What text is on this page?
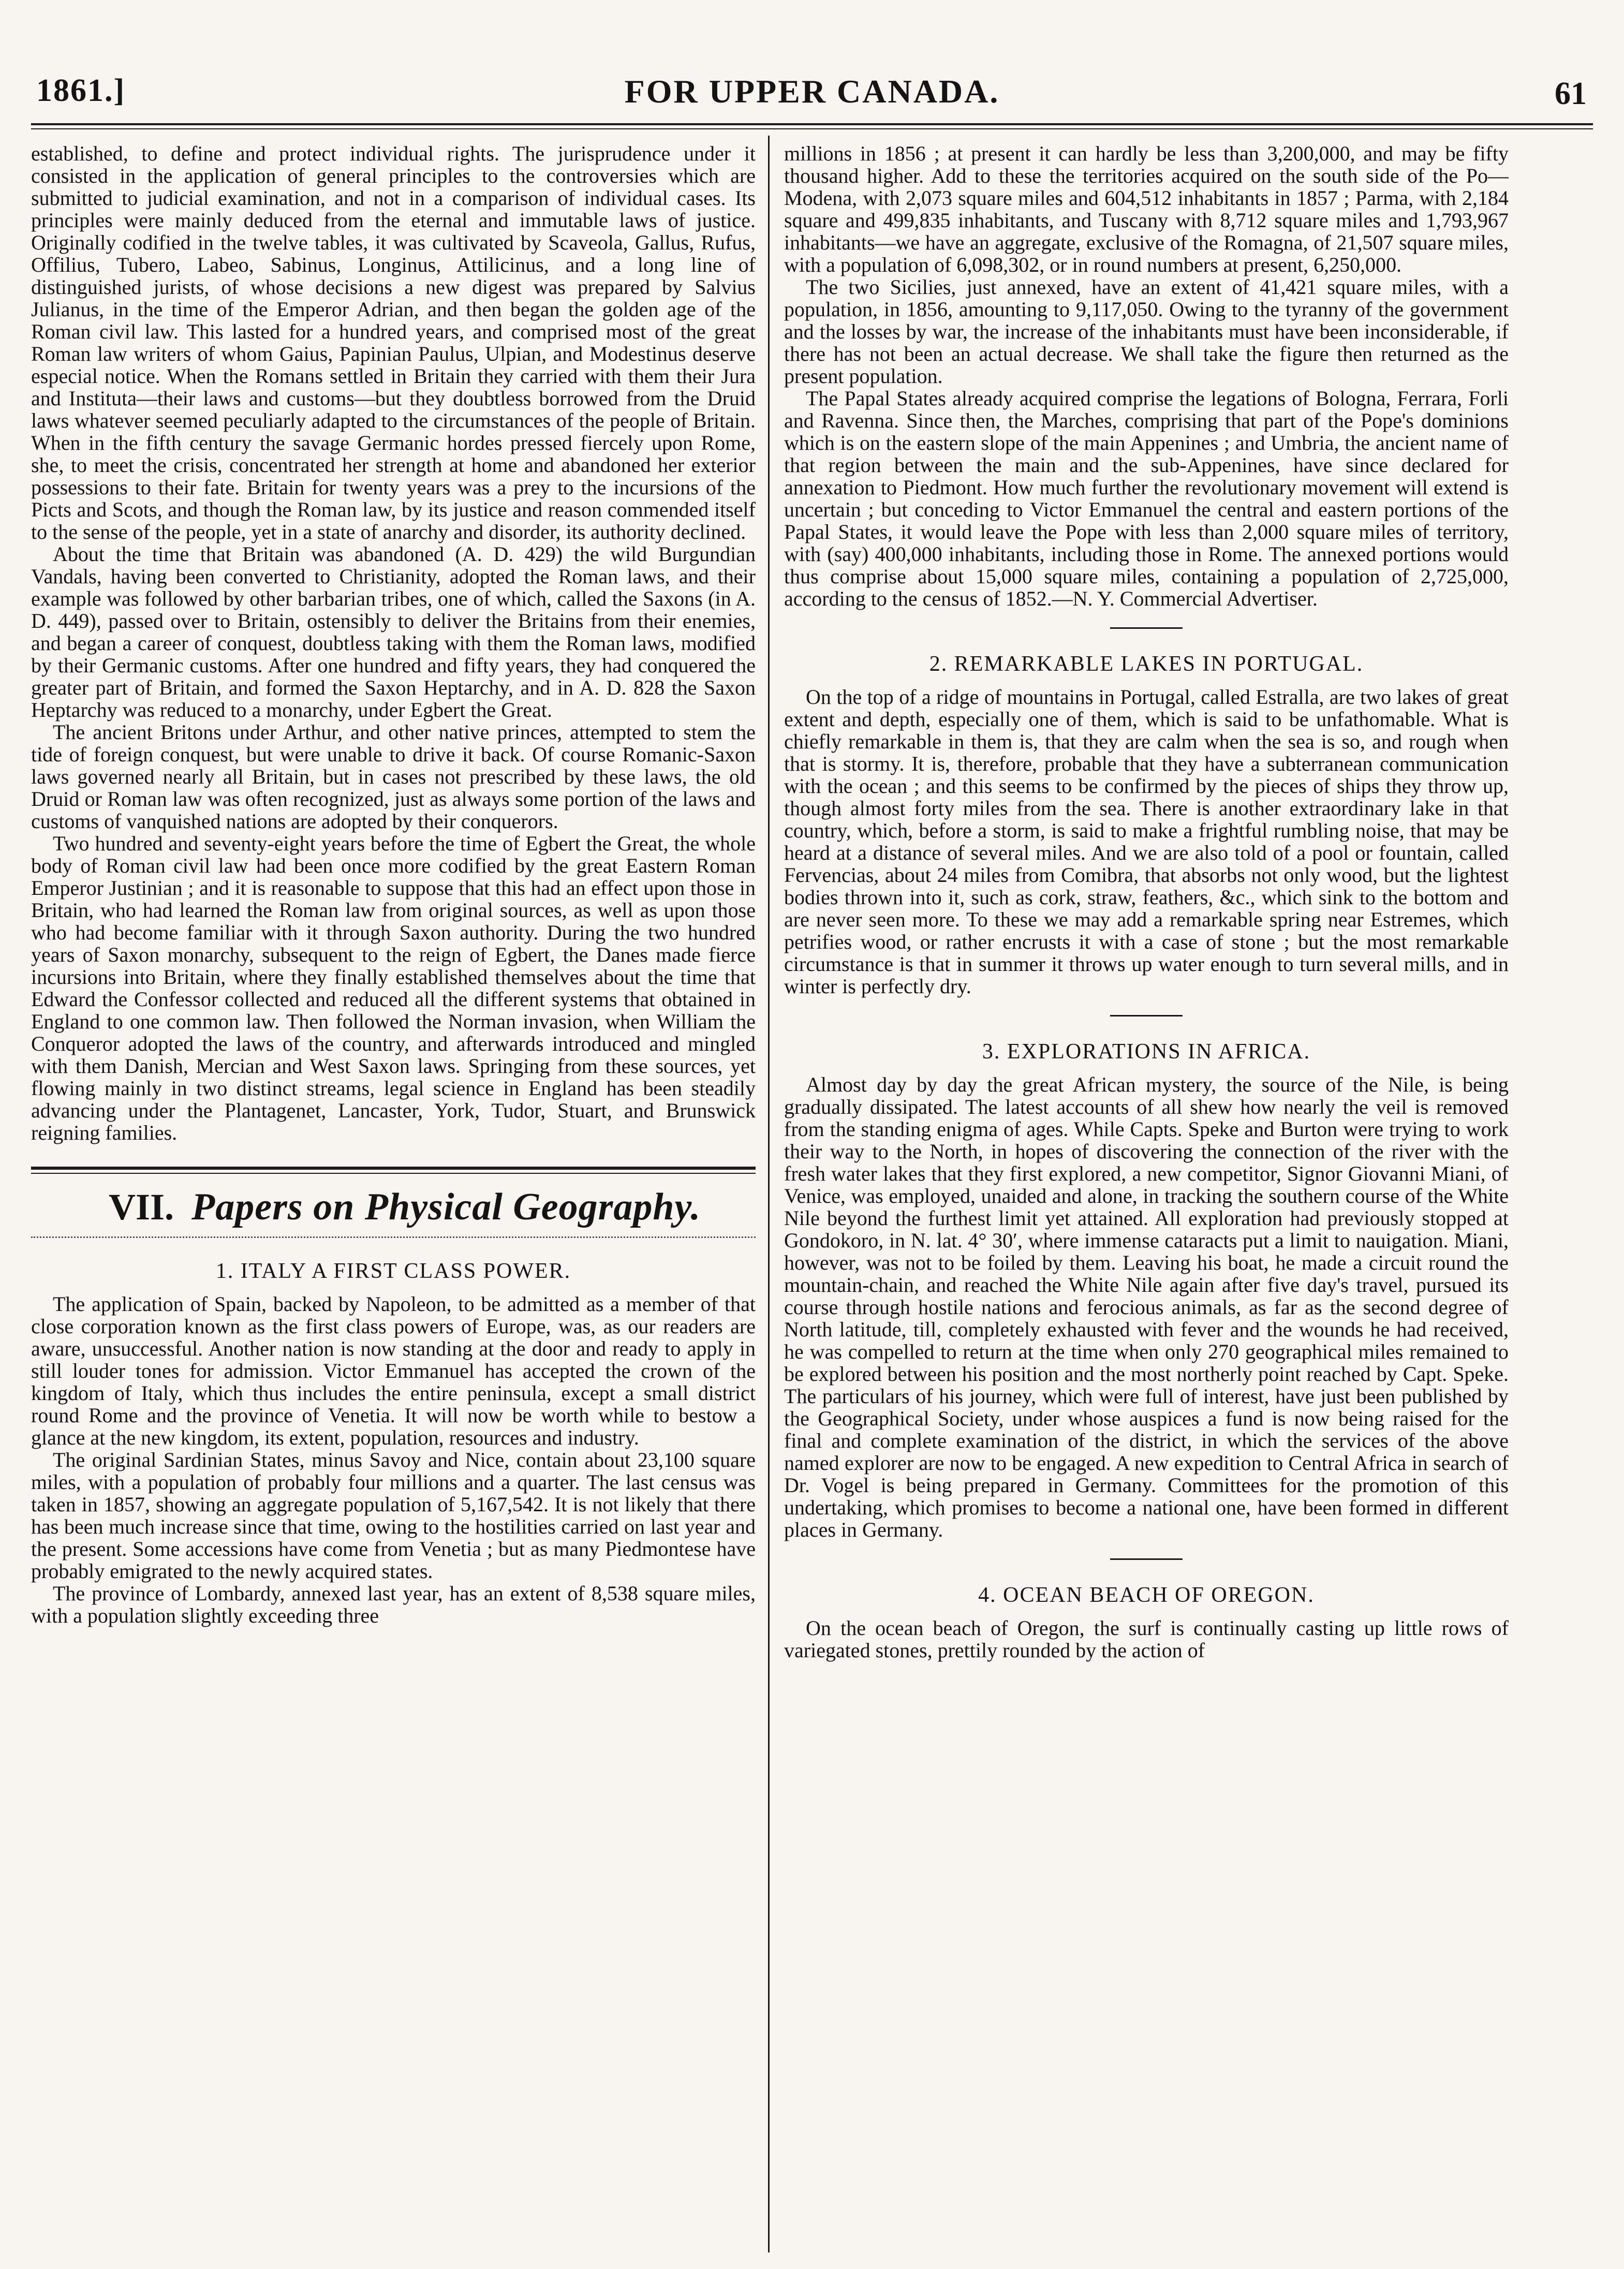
1861.]	FOR UPPER CANADA.	61

established, to define and protect individual rights. The jurisprudence under it consisted in the application of general principles to the controversies which are submitted to judicial examination, and not in a comparison of individual cases. Its principles were mainly deduced from the eternal and immutable laws of justice. Originally codified in the twelve tables, it was cultivated by Scaveola, Gallus, Rufus, Offilius, Tubero, Labeo, Sabinus, Longinus, Attilicinus, and a long line of distinguished jurists, of whose decisions a new digest was prepared by Salvius Julianus, in the time of the Emperor Adrian, and then began the golden age of the Roman civil law. This lasted for a hundred years, and comprised most of the great Roman law writers of whom Gaius, Papinian Paulus, Ulpian, and Modestinus deserve especial notice. When the Romans settled in Britain they carried with them their Jura and Instituta—their laws and customs—but they doubtless borrowed from the Druid laws whatever seemed peculiarly adapted to the circumstances of the people of Britain. When in the fifth century the savage Germanic hordes pressed fiercely upon Rome, she, to meet the crisis, concentrated her strength at home and abandoned her exterior possessions to their fate. Britain for twenty years was a prey to the incursions of the Picts and Scots, and though the Roman law, by its justice and reason commended itself to the sense of the people, yet in a state of anarchy and disorder, its authority declined.

About the time that Britain was abandoned (A. D. 429) the wild Burgundian Vandals, having been converted to Christianity, adopted the Roman laws, and their example was followed by other barbarian tribes, one of which, called the Saxons (in A. D. 449), passed over to Britain, ostensibly to deliver the Britains from their enemies, and began a career of conquest, doubtless taking with them the Roman laws, modified by their Germanic customs. After one hundred and fifty years, they had conquered the greater part of Britain, and formed the Saxon Heptarchy, and in A. D. 828 the Saxon Heptarchy was reduced to a monarchy, under Egbert the Great.

The ancient Britons under Arthur, and other native princes, attempted to stem the tide of foreign conquest, but were unable to drive it back. Of course Romanic-Saxon laws governed nearly all Britain, but in cases not prescribed by these laws, the old Druid or Roman law was often recognized, just as always some portion of the laws and customs of vanquished nations are adopted by their conquerors.

Two hundred and seventy-eight years before the time of Egbert the Great, the whole body of Roman civil law had been once more codified by the great Eastern Roman Emperor Justinian ; and it is reasonable to suppose that this had an effect upon those in Britain, who had learned the Roman law from original sources, as well as upon those who had become familiar with it through Saxon authority. During the two hundred years of Saxon monarchy, subsequent to the reign of Egbert, the Danes made fierce incursions into Britain, where they finally established themselves about the time that Edward the Confessor collected and reduced all the different systems that obtained in England to one common law. Then followed the Norman invasion, when William the Conqueror adopted the laws of the country, and afterwards introduced and mingled with them Danish, Mercian and West Saxon laws. Springing from these sources, yet flowing mainly in two distinct streams, legal science in England has been steadily advancing under the Plantagenet, Lancaster, York, Tudor, Stuart, and Brunswick reigning families.

VII. Papers on Physical Geography.
1. ITALY A FIRST CLASS POWER.

The application of Spain, backed by Napoleon, to be admitted as a member of that close corporation known as the first class powers of Europe, was, as our readers are aware, unsuccessful. Another nation is now standing at the door and ready to apply in still louder tones for admission. Victor Emmanuel has accepted the crown of the kingdom of Italy, which thus includes the entire peninsula, except a small district round Rome and the province of Venetia. It will now be worth while to bestow a glance at the new kingdom, its extent, population, resources and industry.

The original Sardinian States, minus Savoy and Nice, contain about 23,100 square miles, with a population of probably four millions and a quarter. The last census was taken in 1857, showing an aggregate population of 5,167,542. It is not likely that there has been much increase since that time, owing to the hostilities carried on last year and the present. Some accessions have come from Venetia ; but as many Piedmontese have probably emigrated to the newly acquired states.

The province of Lombardy, annexed last year, has an extent of 8,538 square miles, with a population slightly exceeding three

millions in 1856 ; at present it can hardly be less than 3,200,000, and may be fifty thousand higher. Add to these the territories acquired on the south side of the Po—Modena, with 2,073 square miles and 604,512 inhabitants in 1857 ; Parma, with 2,184 square and 499,835 inhabitants, and Tuscany with 8,712 square miles and 1,793,967 inhabitants—we have an aggregate, exclusive of the Romagna, of 21,507 square miles, with a population of 6,098,302, or in round numbers at present, 6,250,000.

The two Sicilies, just annexed, have an extent of 41,421 square miles, with a population, in 1856, amounting to 9,117,050. Owing to the tyranny of the government and the losses by war, the increase of the inhabitants must have been inconsiderable, if there has not been an actual decrease. We shall take the figure then returned as the present population.

The Papal States already acquired comprise the legations of Bologna, Ferrara, Forli and Ravenna. Since then, the Marches, comprising that part of the Pope's dominions which is on the eastern slope of the main Appenines ; and Umbria, the ancient name of that region between the main and the sub-Appenines, have since declared for annexation to Piedmont. How much further the revolutionary movement will extend is uncertain ; but conceding to Victor Emmanuel the central and eastern portions of the Papal States, it would leave the Pope with less than 2,000 square miles of territory, with (say) 400,000 inhabitants, including those in Rome. The annexed portions would thus comprise about 15,000 square miles, containing a population of 2,725,000, according to the census of 1852.—N. Y. Commercial Advertiser.

2. REMARKABLE LAKES IN PORTUGAL.

On the top of a ridge of mountains in Portugal, called Estralla, are two lakes of great extent and depth, especially one of them, which is said to be unfathomable. What is chiefly remarkable in them is, that they are calm when the sea is so, and rough when that is stormy. It is, therefore, probable that they have a subterranean communication with the ocean ; and this seems to be confirmed by the pieces of ships they throw up, though almost forty miles from the sea. There is another extraordinary lake in that country, which, before a storm, is said to make a frightful rumbling noise, that may be heard at a distance of several miles. And we are also told of a pool or fountain, called Fervencias, about 24 miles from Comibra, that absorbs not only wood, but the lightest bodies thrown into it, such as cork, straw, feathers, &c., which sink to the bottom and are never seen more. To these we may add a remarkable spring near Estremes, which petrifies wood, or rather encrusts it with a case of stone ; but the most remarkable circumstance is that in summer it throws up water enough to turn several mills, and in winter is perfectly dry.

3. EXPLORATIONS IN AFRICA.

Almost day by day the great African mystery, the source of the Nile, is being gradually dissipated. The latest accounts of all shew how nearly the veil is removed from the standing enigma of ages. While Capts. Speke and Burton were trying to work their way to the North, in hopes of discovering the connection of the river with the fresh water lakes that they first explored, a new competitor, Signor Giovanni Miani, of Venice, was employed, unaided and alone, in tracking the southern course of the White Nile beyond the furthest limit yet attained. All exploration had previously stopped at Gondokoro, in N. lat. 4° 30′, where immense cataracts put a limit to nauigation. Miani, however, was not to be foiled by them. Leaving his boat, he made a circuit round the mountain-chain, and reached the White Nile again after five day's travel, pursued its course through hostile nations and ferocious animals, as far as the second degree of North latitude, till, completely exhausted with fever and the wounds he had received, he was compelled to return at the time when only 270 geographical miles remained to be explored between his position and the most northerly point reached by Capt. Speke. The particulars of his journey, which were full of interest, have just been published by the Geographical Society, under whose auspices a fund is now being raised for the final and complete examination of the district, in which the services of the above named explorer are now to be engaged. A new expedition to Central Africa in search of Dr. Vogel is being prepared in Germany. Committees for the promotion of this undertaking, which promises to become a national one, have been formed in different places in Germany.

4. OCEAN BEACH OF OREGON.

On the ocean beach of Oregon, the surf is continually casting up little rows of variegated stones, prettily rounded by the action of
